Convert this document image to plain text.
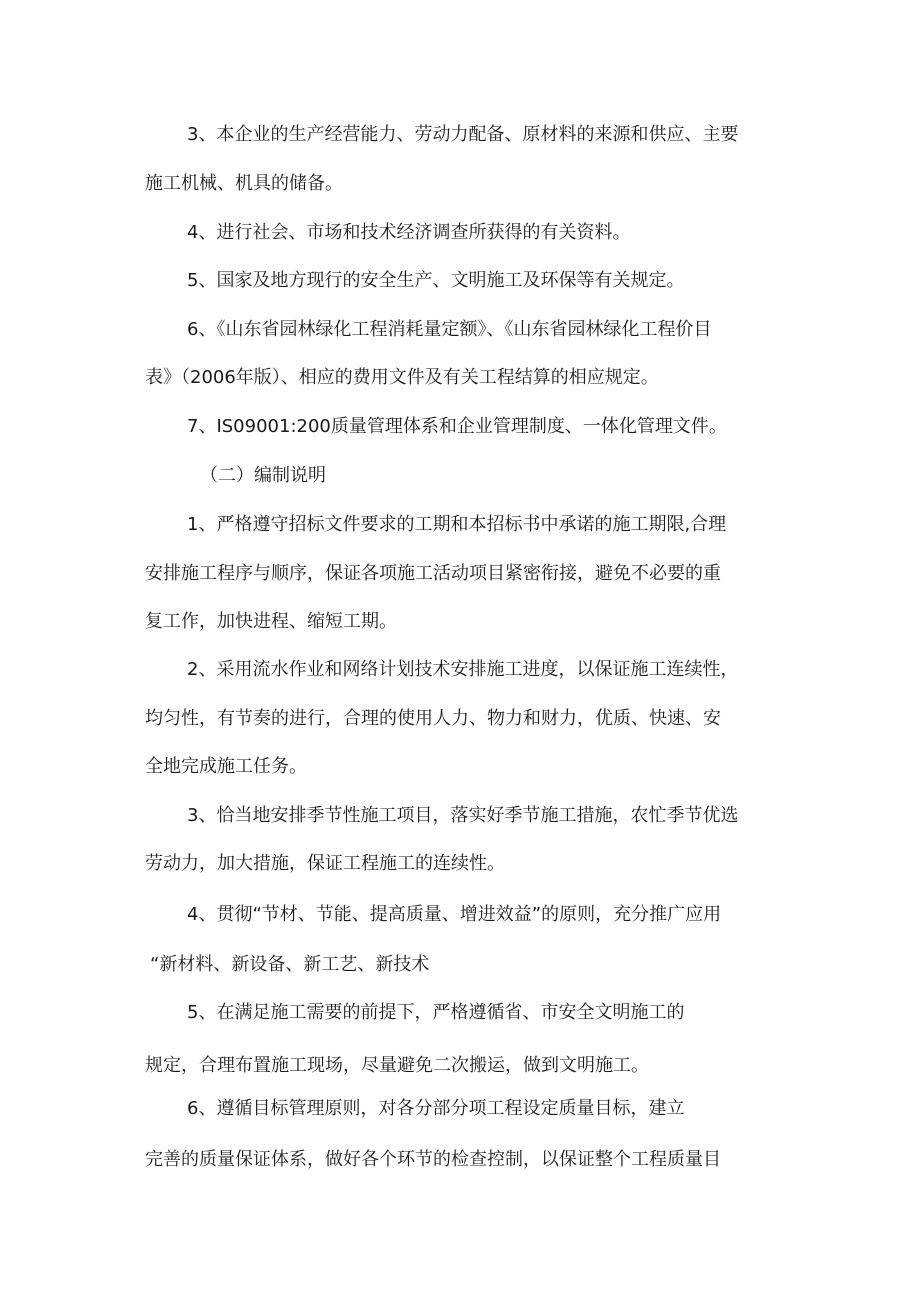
3、本企业的生产经营能力、劳动力配备、原材料的来源和供应、主要
施工机械、机具的储备。
4、进行社会、市场和技术经济调查所获得的有关资料。
5、国家及地方现行的安全生产、文明施工及环保等有关规定。
6、《山东省园林绿化工程消耗量定额》、《山东省园林绿化工程价目
表》（2006年版）、相应的费用文件及有关工程结算的相应规定。
7、IS09001:200质量管理体系和企业管理制度、一体化管理文件。
（二）编制说明
1、严格遵守招标文件要求的工期和本招标书中承诺的施工期限,合理
安排施工程序与顺序，保证各项施工活动项目紧密衔接，避免不必要的重
复工作，加快进程、缩短工期。
2、采用流水作业和网络计划技术安排施工进度，以保证施工连续性，
均匀性，有节奏的进行，合理的使用人力、物力和财力，优质、快速、安
全地完成施工任务。
3、恰当地安排季节性施工项目，落实好季节施工措施，农忙季节优选
劳动力，加大措施，保证工程施工的连续性。
4、贯彻“节材、节能、提高质量、增进效益”的原则，充分推广应用
“新材料、新设备、新工艺、新技术
5、在满足施工需要的前提下，严格遵循省、市安全文明施工的
规定，合理布置施工现场，尽量避免二次搬运，做到文明施工。
6、遵循目标管理原则，对各分部分项工程设定质量目标，建立
完善的质量保证体系，做好各个环节的检查控制，以保证整个工程质量目
